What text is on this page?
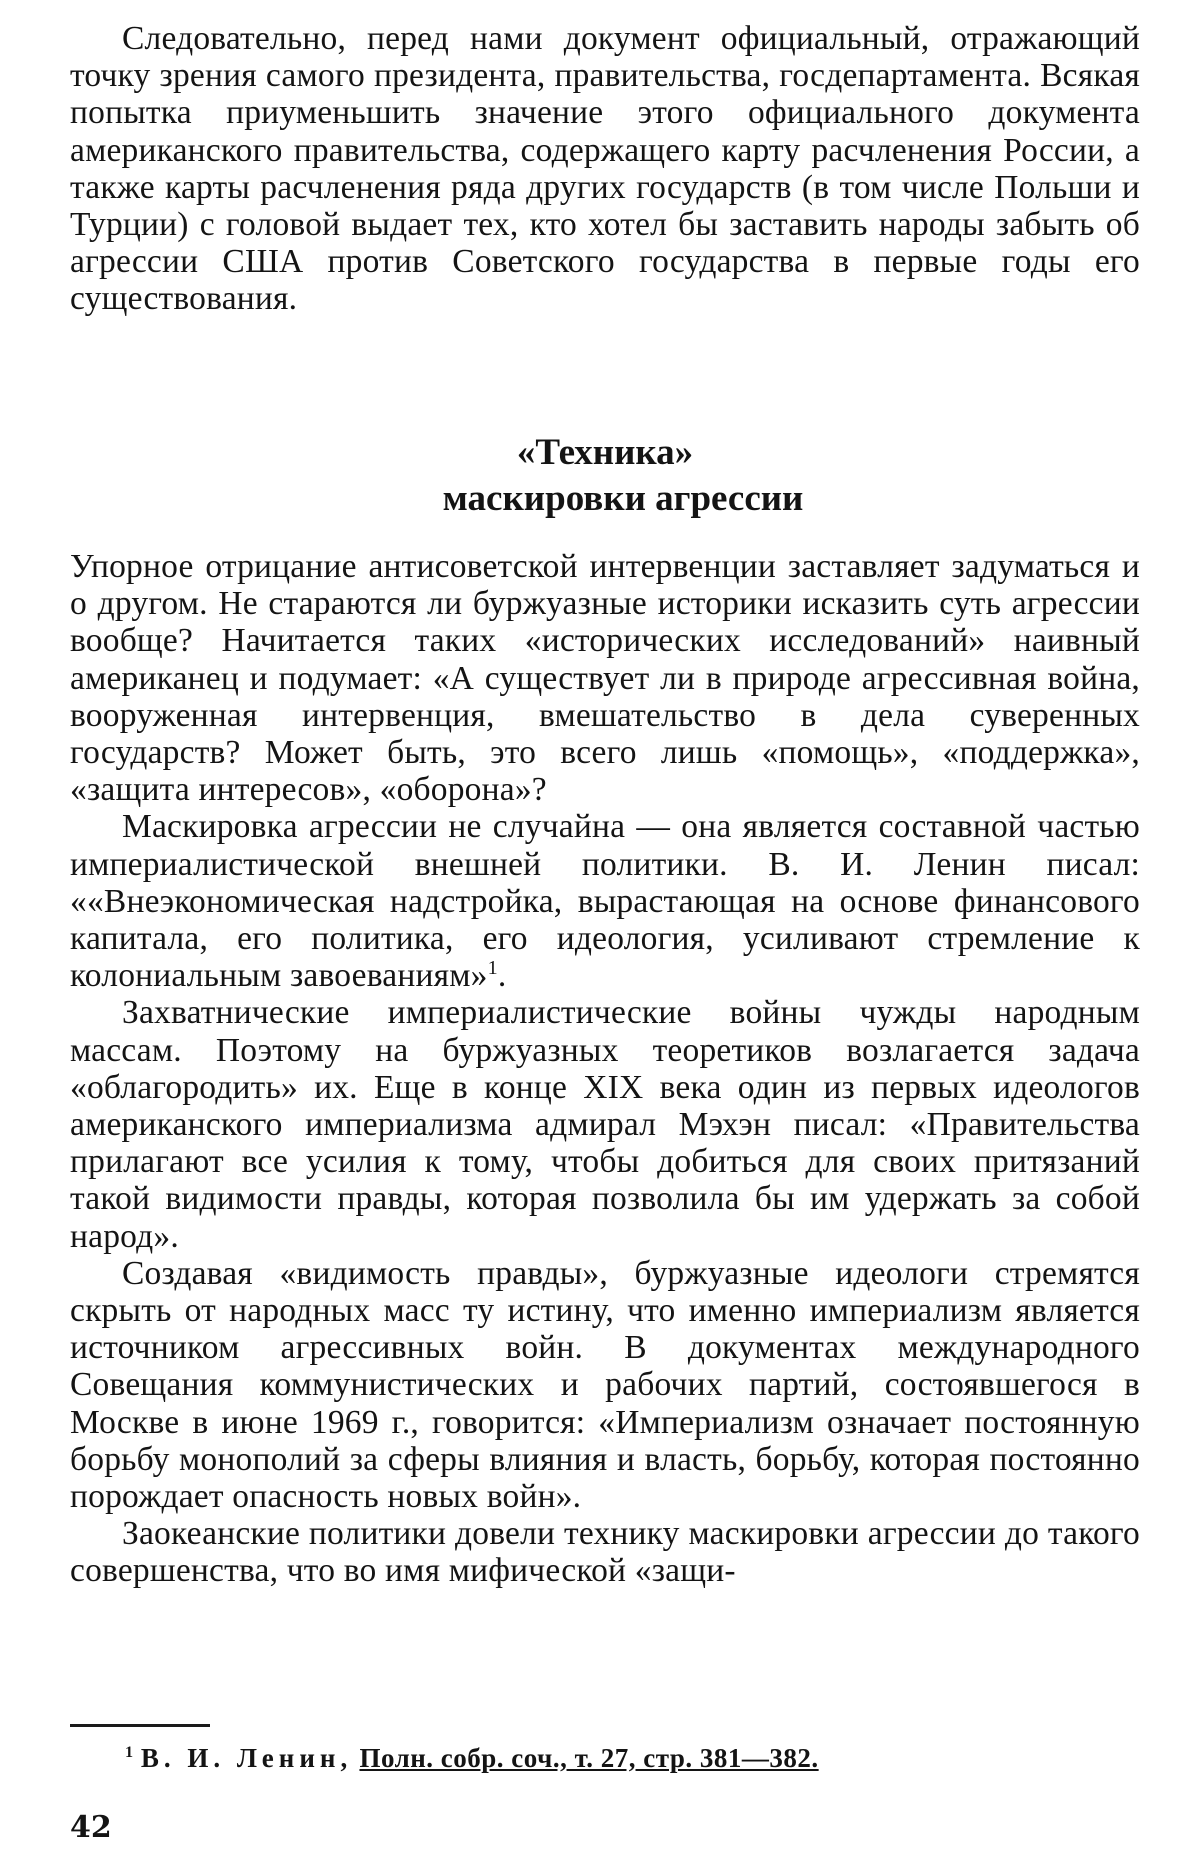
Следовательно, перед нами документ официальный, отражающий точку зрения самого президента, правительства, госдепартамента. Всякая попытка приуменьшить значение этого официального документа американского правительства, содержащего карту расчленения России, а также карты расчленения ряда других государств (в том числе Польши и Турции) с головой выдает тех, кто хотел бы заставить народы забыть об агрессии США против Советского государства в первые годы его существования.

«Техника»
маскировки агрессии

Упорное отрицание антисоветской интервенции заставляет задуматься и о другом. Не стараются ли буржуазные историки исказить суть агрессии вообще? Начитается таких «исторических исследований» наивный американец и подумает: «А существует ли в природе агрессивная война, вооруженная интервенция, вмешательство в дела суверенных государств? Может быть, это всего лишь «помощь», «поддержка», «защита интересов», «оборона»?

Маскировка агрессии не случайна — она является составной частью империалистической внешней политики. В. И. Ленин писал: ««Внеэкономическая надстройка, вырастающая на основе финансового капитала, его политика, его идеология, усиливают стремление к колониальным завоеваниям»$^1$.

Захватнические империалистические войны чужды народным массам. Поэтому на буржуазных теоретиков возлагается задача «облагородить» их. Еще в конце XIX века один из первых идеологов американского империализма адмирал Мэхэн писал: «Правительства прилагают все усилия к тому, чтобы добиться для своих притязаний такой видимости правды, которая позволила бы им удержать за собой народ».

Создавая «видимость правды», буржуазные идеологи стремятся скрыть от народных масс ту истину, что именно империализм является источником агрессивных войн. В документах международного Совещания коммунистических и рабочих партий, состоявшегося в Москве в июне 1969 г., говорится: «Империализм означает постоянную борьбу монополий за сферы влияния и власть, борьбу, которая постоянно порождает опасность новых войн».

Заокеанские политики довели технику маскировки агрессии до такого совершенства, что во имя мифической «защи-

$^1$ В. И. Ленин, Полн. собр. соч., т. 27, стр. 381—382.
42
